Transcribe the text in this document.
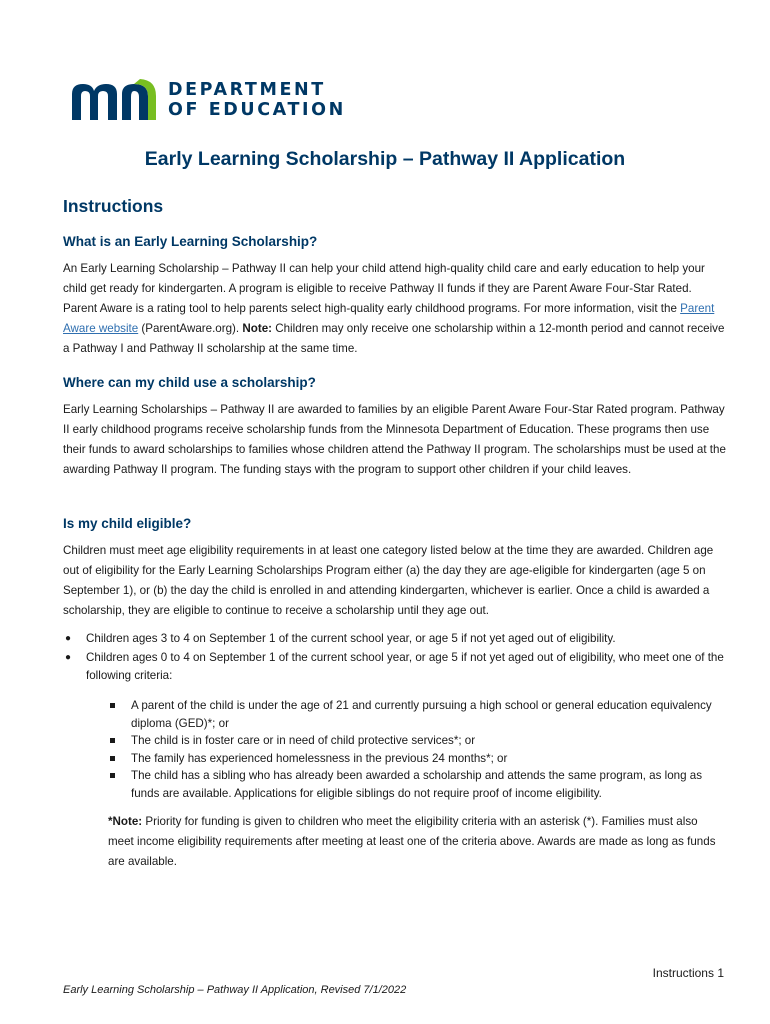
DEPARTMENT
OF EDUCATION
Early Learning Scholarship – Pathway II Application
Instructions
What is an Early Learning Scholarship?
An Early Learning Scholarship – Pathway II can help your child attend high-quality child care and early education to help your child get ready for kindergarten. A program is eligible to receive Pathway II funds if they are Parent Aware Four-Star Rated. Parent Aware is a rating tool to help parents select high-quality early childhood programs. For more information, visit the Parent Aware website (ParentAware.org). Note: Children may only receive one scholarship within a 12-month period and cannot receive a Pathway I and Pathway II scholarship at the same time.
Where can my child use a scholarship?
Early Learning Scholarships – Pathway II are awarded to families by an eligible Parent Aware Four-Star Rated program. Pathway II early childhood programs receive scholarship funds from the Minnesota Department of Education. These programs then use their funds to award scholarships to families whose children attend the Pathway II program. The scholarships must be used at the awarding Pathway II program. The funding stays with the program to support other children if your child leaves.
Is my child eligible?
Children must meet age eligibility requirements in at least one category listed below at the time they are awarded. Children age out of eligibility for the Early Learning Scholarships Program either (a) the day they are age-eligible for kindergarten (age 5 on September 1), or (b) the day the child is enrolled in and attending kindergarten, whichever is earlier. Once a child is awarded a scholarship, they are eligible to continue to receive a scholarship until they age out.
● Children ages 3 to 4 on September 1 of the current school year, or age 5 if not yet aged out of eligibility.
● Children ages 0 to 4 on September 1 of the current school year, or age 5 if not yet aged out of eligibility, who meet one of the following criteria:
A parent of the child is under the age of 21 and currently pursuing a high school or general education equivalency diploma (GED)*; or
The child is in foster care or in need of child protective services*; or
The family has experienced homelessness in the previous 24 months*; or
The child has a sibling who has already been awarded a scholarship and attends the same program, as long as funds are available. Applications for eligible siblings do not require proof of income eligibility.
*Note: Priority for funding is given to children who meet the eligibility criteria with an asterisk (*). Families must also meet income eligibility requirements after meeting at least one of the criteria above. Awards are made as long as funds are available.
Instructions 1
Early Learning Scholarship – Pathway II Application, Revised 7/1/2022
